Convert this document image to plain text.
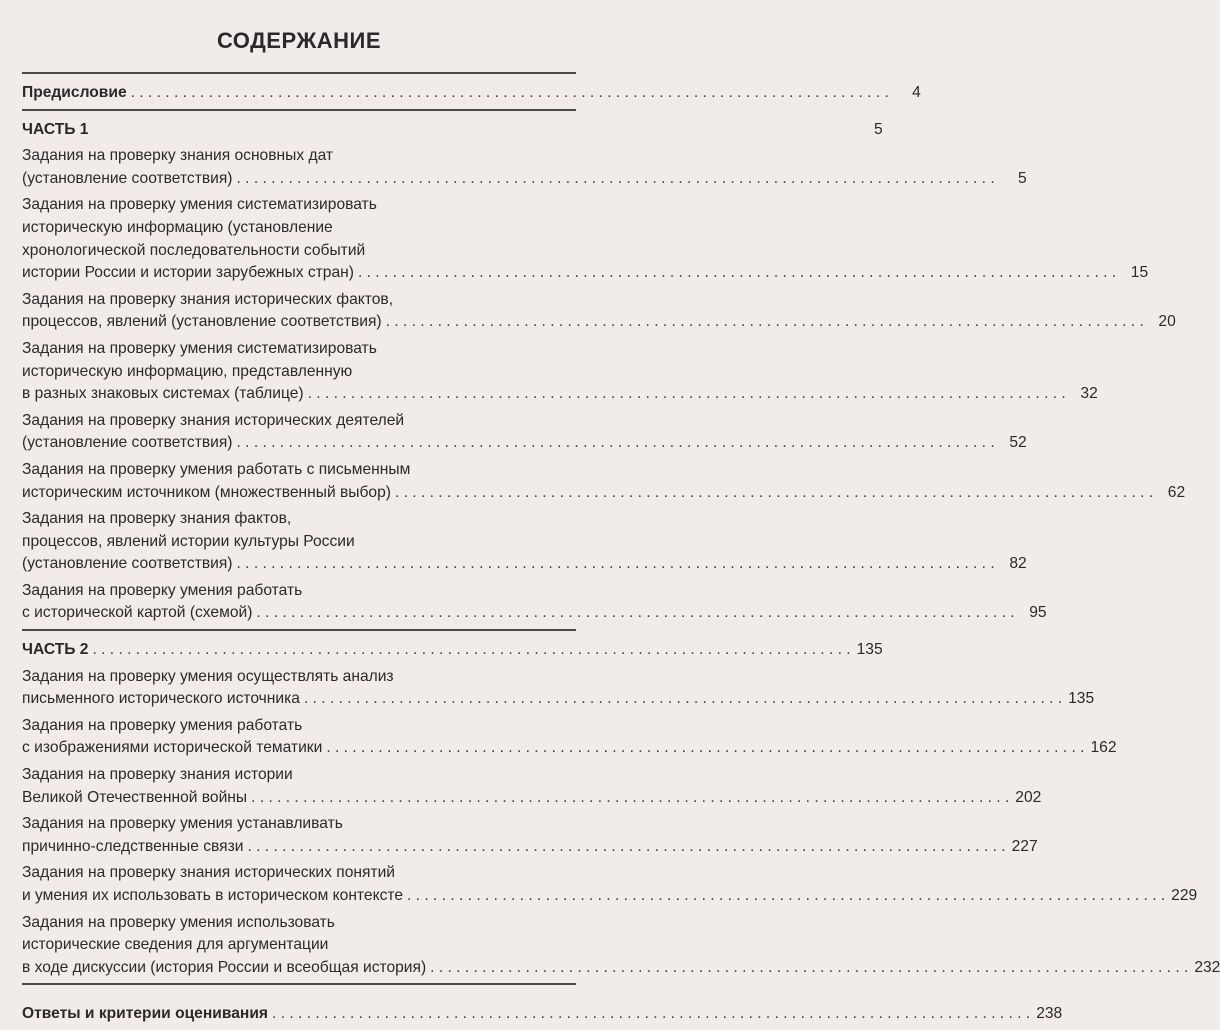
СОДЕРЖАНИЕ
Предисловие . . .	4
ЧАСТЬ 1	5
Задания на проверку знания основных дат
(установление соответствия) . . .	5
Задания на проверку умения систематизировать
историческую информацию (установление
хронологической последовательности событий
истории России и истории зарубежных стран) . . .	15
Задания на проверку знания исторических фактов,
процессов, явлений (установление соответствия) . . .	20
Задания на проверку умения систематизировать
историческую информацию, представленную
в разных знаковых системах (таблице) . . .	32
Задания на проверку знания исторических деятелей
(установление соответствия) . . .	52
Задания на проверку умения работать с письменным
историческим источником (множественный выбор) . . .	62
Задания на проверку знания фактов,
процессов, явлений истории культуры России
(установление соответствия) . . .	82
Задания на проверку умения работать
с исторической картой (схемой) . . .	95
ЧАСТЬ 2 . . .	135
Задания на проверку умения осуществлять анализ
письменного исторического источника . . .	135
Задания на проверку умения работать
с изображениями исторической тематики . . .	162
Задания на проверку знания истории
Великой Отечественной войны . . .	202
Задания на проверку умения устанавливать
причинно-следственные связи . . .	227
Задания на проверку знания исторических понятий
и умения их использовать в историческом контексте . . .	229
Задания на проверку умения использовать
исторические сведения для аргументации
в ходе дискуссии (история России и всеобщая история) . . .	232
Ответы и критерии оценивания . . .	238
